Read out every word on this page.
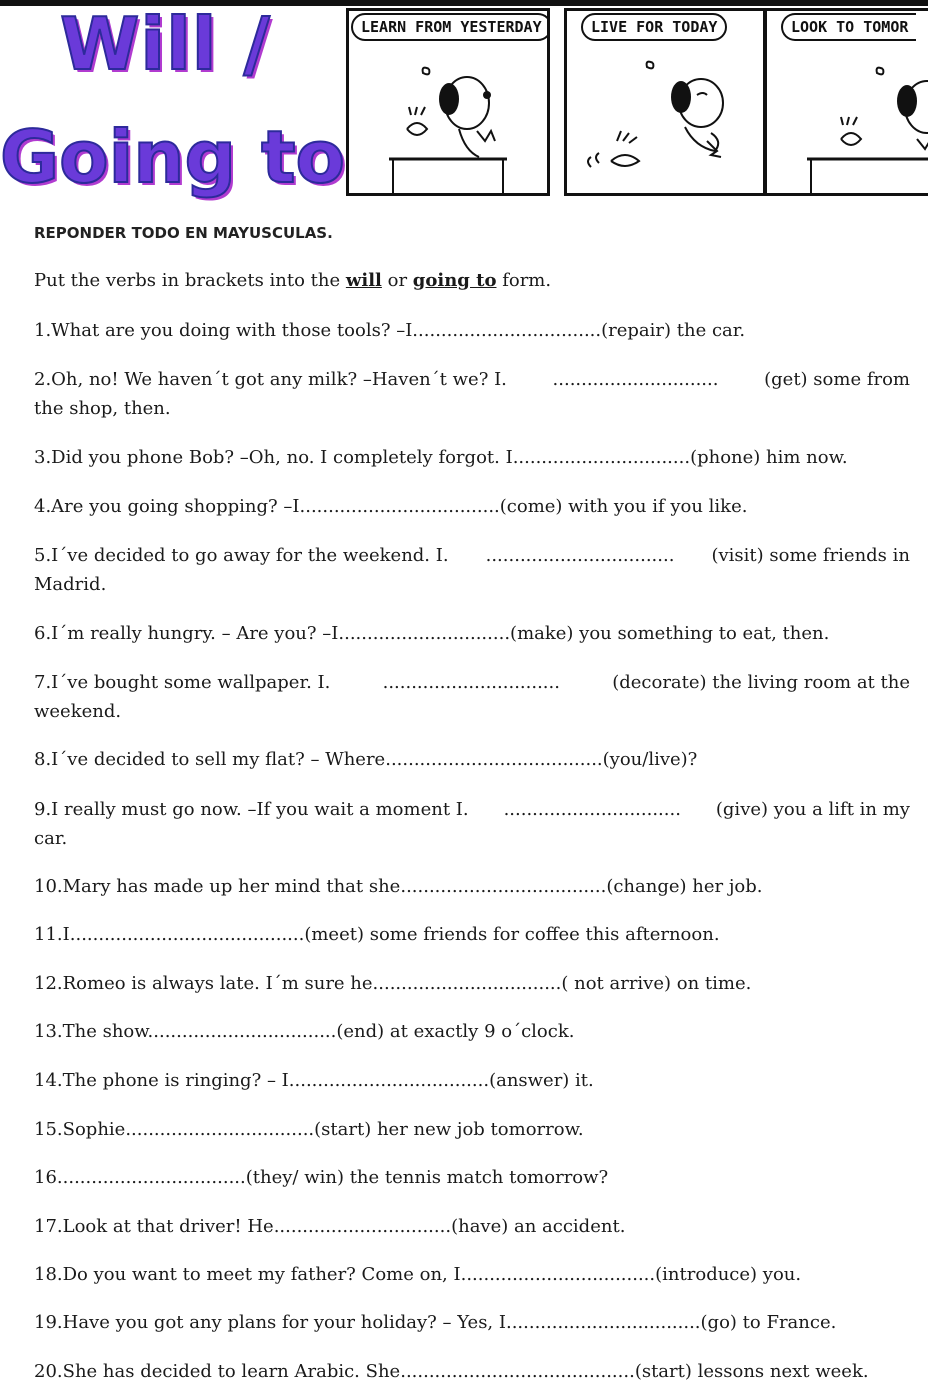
Will /
Going to
LEARN FROM YESTERDAY	LIVE FOR TODAY	LOOK TO TOMOR
REPONDER TODO EN MAYUSCULAS.
Put the verbs in brackets into the will or going to form.
1.What are you doing with those tools? –I. ................................ (repair) the car.
2.Oh, no! We haven´t got any milk? –Haven´t we? I.	.............................	(get) some from
the shop, then.
3.Did you phone Bob? –Oh, no. I completely forgot. I. .............................. (phone) him now.
4.Are you going shopping? –I. .................................. (come) with you if you like.
5.I´ve decided to go away for the weekend. I. ................................. (visit) some friends in
Madrid.
6.I´m really hungry. – Are you? –I. ............................. (make) you something to eat, then.
7.I´ve bought some wallpaper. I.	...............................	(decorate) the living room at the
weekend.
8.I´ve decided to sell my flat? – Where. ..................................... (you/live)?
9.I really must go now. –If you wait a moment I. ............................... (give) you a lift in my
car.
10.Mary has made up her mind that she. ................................... (change) her job.
11.I. ........................................ (meet) some friends for coffee this afternoon.
12.Romeo is always late. I´m sure he. ................................ ( not arrive) on time.
13.The show. ................................ (end) at exactly 9 o´clock.
14.The phone is ringing? – I. .................................. (answer) it.
15.Sophie. ................................ (start) her new job tomorrow.
16. ................................ (they/ win) the tennis match tomorrow?
17.Look at that driver! He. .............................. (have) an accident.
18.Do you want to meet my father? Come on, I. ................................. (introduce) you.
19.Have you got any plans for your holiday? – Yes, I. ................................. (go) to France.
20.She has decided to learn Arabic. She. ........................................ (start) lessons next week.
